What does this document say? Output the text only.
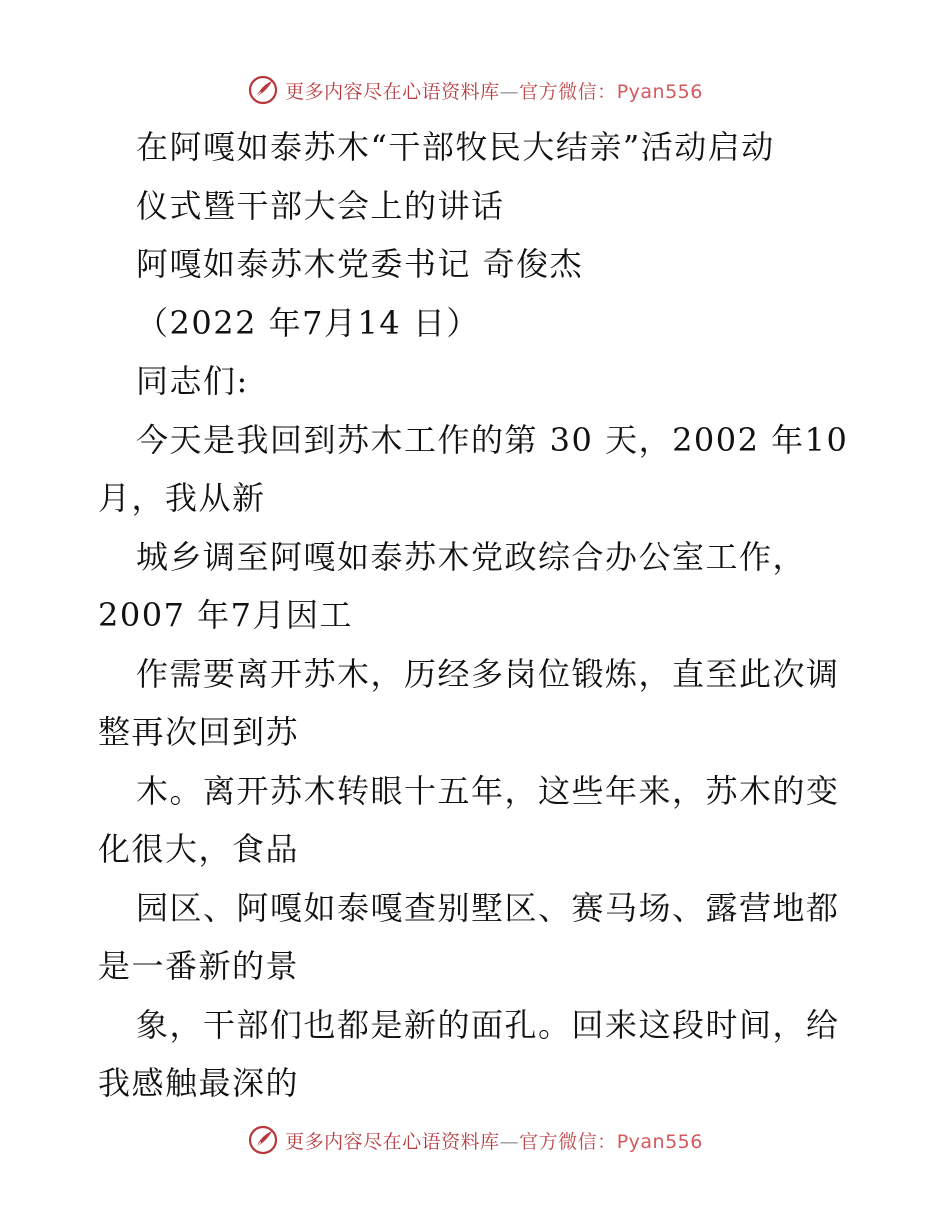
更多内容尽在心语资料库—官方微信：Pyan556
在阿嘎如泰苏木“干部牧民大结亲”活动启动
仪式暨干部大会上的讲话
阿嘎如泰苏木党委书记 奇俊杰
（2022 年7月14 日）
同志们:
今天是我回到苏木工作的第 30 天，2002 年10
月，我从新
城乡调至阿嘎如泰苏木党政综合办公室工作，
2007 年7月因工
作需要离开苏木，历经多岗位锻炼，直至此次调
整再次回到苏
木。离开苏木转眼十五年，这些年来，苏木的变
化很大，食品
园区、阿嘎如泰嘎查别墅区、赛马场、露营地都
是一番新的景
象，干部们也都是新的面孔。回来这段时间，给
我感触最深的
更多内容尽在心语资料库—官方微信：Pyan556
